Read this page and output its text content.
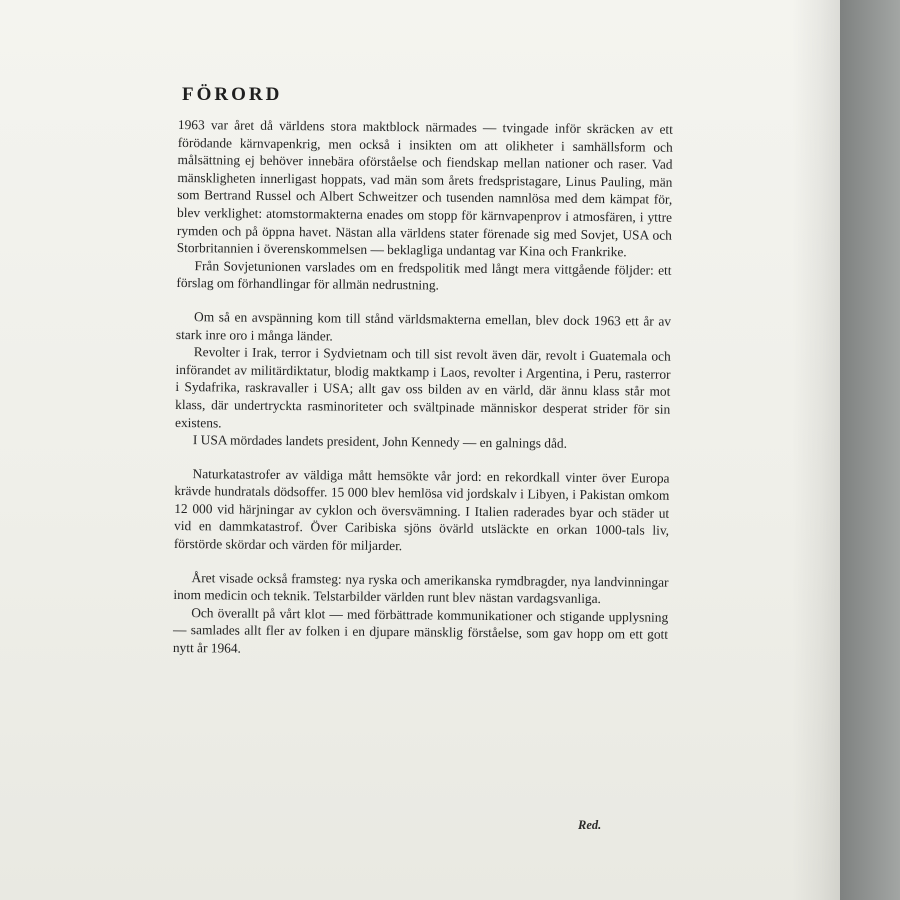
FÖRORD

1963 var året då världens stora maktblock närmades — tvingade inför skräcken av ett förödande kärnvapenkrig, men också i insikten om att olikheter i samhällsform och målsättning ej behöver innebära oförståelse och fiendskap mellan nationer och raser. Vad mänskligheten innerligast hoppats, vad män som årets fredspristagare, Linus Pauling, män som Bertrand Russel och Albert Schweitzer och tusenden namnlösa med dem kämpat för, blev verklighet: atomstormakterna enades om stopp för kärnvapenprov i atmosfären, i yttre rymden och på öppna havet. Nästan alla världens stater förenade sig med Sovjet, USA och Storbritannien i överenskommelsen — beklagliga undantag var Kina och Frankrike.

Från Sovjetunionen varslades om en fredspolitik med långt mera vittgående följder: ett förslag om förhandlingar för allmän nedrustning.

Om så en avspänning kom till stånd världsmakterna emellan, blev dock 1963 ett år av stark inre oro i många länder.

Revolter i Irak, terror i Sydvietnam och till sist revolt även där, revolt i Guatemala och införandet av militärdiktatur, blodig maktkamp i Laos, revolter i Argentina, i Peru, rasterror i Sydafrika, raskravaller i USA; allt gav oss bilden av en värld, där ännu klass står mot klass, där undertryckta rasminoriteter och svältpinade människor desperat strider för sin existens.

I USA mördades landets president, John Kennedy — en galnings dåd.

Naturkatastrofer av väldiga mått hemsökte vår jord: en rekordkall vinter över Europa krävde hundratals dödsoffer. 15 000 blev hemlösa vid jordskalv i Libyen, i Pakistan omkom 12 000 vid härjningar av cyklon och översvämning. I Italien raderades byar och städer ut vid en dammkatastrof. Över Caribiska sjöns övärld utsläckte en orkan 1000-tals liv, förstörde skördar och värden för miljarder.

Året visade också framsteg: nya ryska och amerikanska rymdbragder, nya landvinningar inom medicin och teknik. Telstarbilder världen runt blev nästan vardagsvanliga.

Och överallt på vårt klot — med förbättrade kommunikationer och stigande upplysning — samlades allt fler av folken i en djupare mänsklig förståelse, som gav hopp om ett gott nytt år 1964.

Red.
